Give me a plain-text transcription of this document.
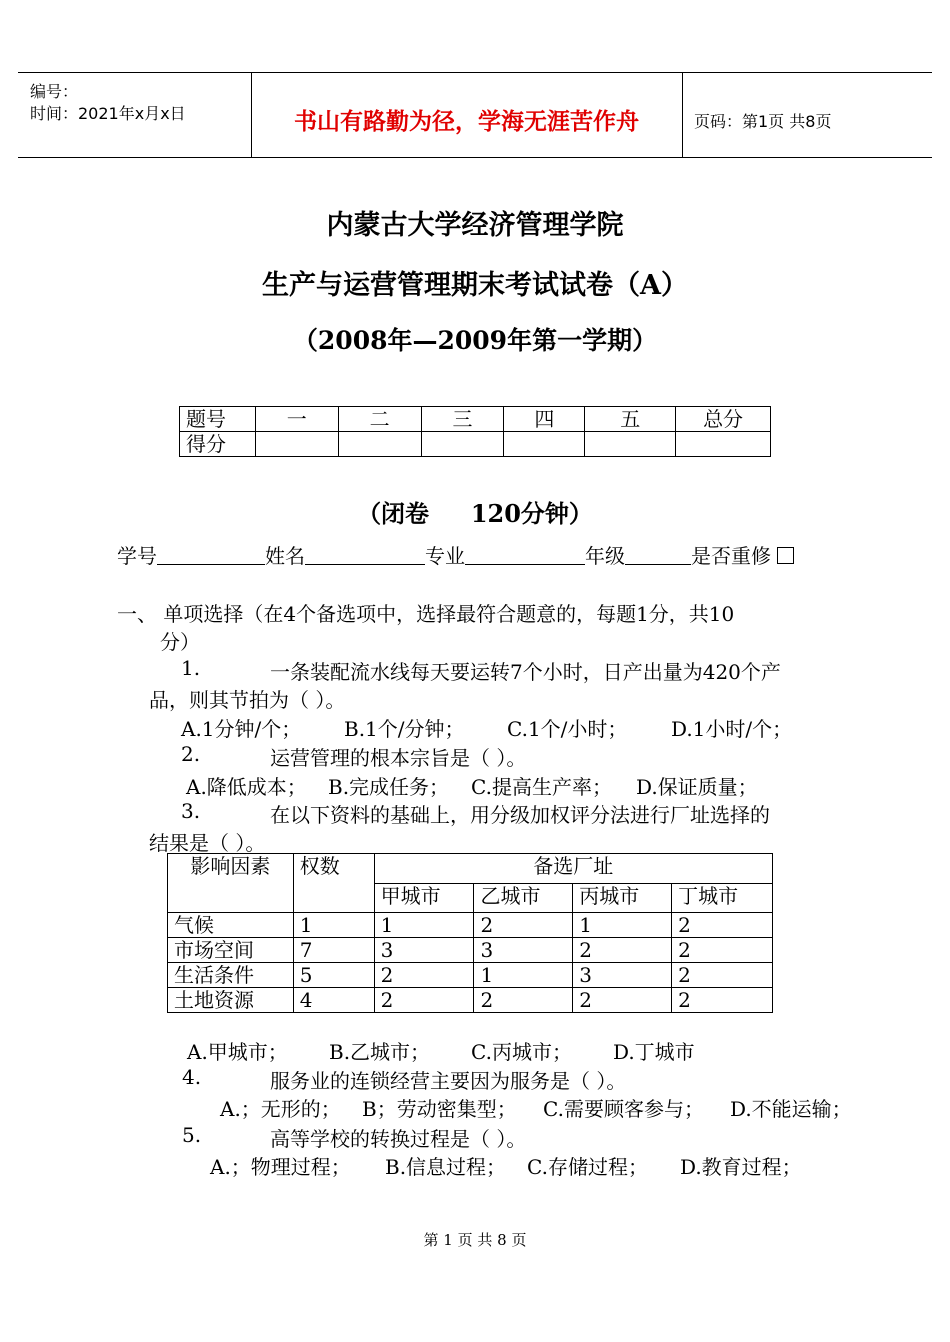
编号：
时间：2021年x月x日	书山有路勤为径，学海无涯苦作舟	页码：第1页 共8页
内蒙古大学经济管理学院
生产与运营管理期末考试试卷（A）
（2008年—2009年第一学期）
题号	一	二	三	四	五	总分
得分						
（闭卷     120分钟）
学号	姓名	专业	年级	是否重修
一、 单项选择（在4个备选项中，选择最符合题意的，每题1分，共10
分）
1.	一条装配流水线每天要运转7个小时，日产出量为420个产
品，则其节拍为（ ）。
A.1分钟/个； B.1个/分钟； C.1个/小时； D.1小时/个；
2.	运营管理的根本宗旨是（ ）。
A.降低成本； B.完成任务； C.提高生产率； D.保证质量；
3.	在以下资料的基础上，用分级加权评分法进行厂址选择的
结果是（ ）。
影响因素	权数	备选厂址			
		甲城市	乙城市	丙城市	丁城市
气候	1	1	2	1	2
市场空间	7	3	3	2	2
生活条件	5	2	1	3	2
土地资源	4	2	2	2	2
A.甲城市； B.乙城市； C.丙城市； D.丁城市
4.	服务业的连锁经营主要因为服务是（ ）。
A.；无形的； B；劳动密集型； C.需要顾客参与； D.不能运输；
5.	高等学校的转换过程是（ ）。
A.；物理过程； B.信息过程； C.存储过程； D.教育过程；
第 1 页 共 8 页
